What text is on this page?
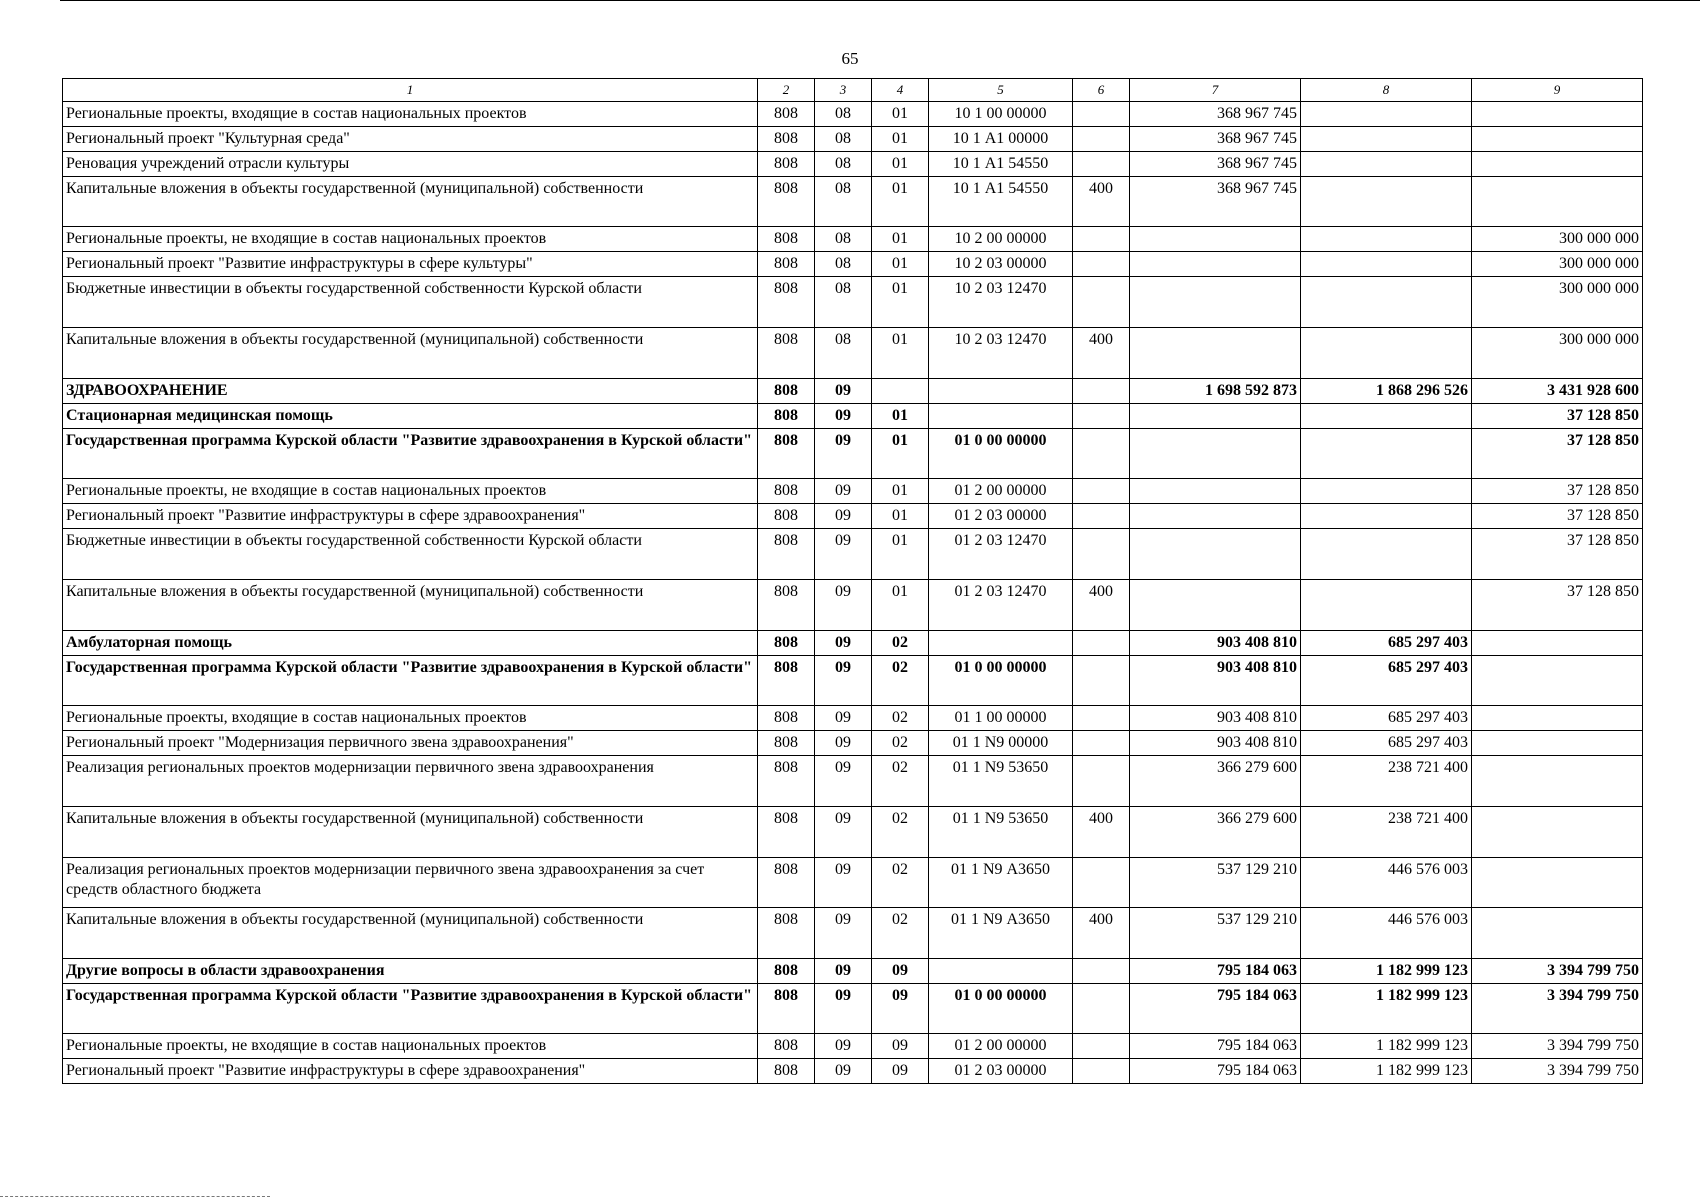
65
1	2	3	4	5	6	7	8	9
Региональные проекты, входящие в состав национальных проектов	808	08	01	10 1 00 00000		368 967 745		
Региональный проект "Культурная среда"	808	08	01	10 1 А1 00000		368 967 745		
Реновация учреждений отрасли культуры	808	08	01	10 1 А1 54550		368 967 745		
Капитальные вложения в объекты государственной (муниципальной) собственности	808	08	01	10 1 А1 54550	400	368 967 745		
Региональные проекты, не входящие в состав национальных проектов	808	08	01	10 2 00 00000				300 000 000
Региональный проект "Развитие инфраструктуры в сфере культуры"	808	08	01	10 2 03 00000				300 000 000
Бюджетные инвестиции в объекты государственной собственности Курской области	808	08	01	10 2 03 12470				300 000 000
Капитальные вложения в объекты государственной (муниципальной) собственности	808	08	01	10 2 03 12470	400			300 000 000
ЗДРАВООХРАНЕНИЕ	808	09				1 698 592 873	1 868 296 526	3 431 928 600
Стационарная медицинская помощь	808	09	01					37 128 850
Государственная программа Курской области "Развитие здравоохранения в Курской области"	808	09	01	01 0 00 00000				37 128 850
Региональные проекты, не входящие в состав национальных проектов	808	09	01	01 2 00 00000				37 128 850
Региональный проект "Развитие инфраструктуры в сфере здравоохранения"	808	09	01	01 2 03 00000				37 128 850
Бюджетные инвестиции в объекты государственной собственности Курской области	808	09	01	01 2 03 12470				37 128 850
Капитальные вложения в объекты государственной (муниципальной) собственности	808	09	01	01 2 03 12470	400			37 128 850
Амбулаторная помощь	808	09	02			903 408 810	685 297 403	
Государственная программа Курской области "Развитие здравоохранения в Курской области"	808	09	02	01 0 00 00000		903 408 810	685 297 403	
Региональные проекты, входящие в состав национальных проектов	808	09	02	01 1 00 00000		903 408 810	685 297 403	
Региональный проект "Модернизация первичного звена здравоохранения"	808	09	02	01 1 N9 00000		903 408 810	685 297 403	
Реализация региональных проектов модернизации первичного звена здравоохранения	808	09	02	01 1 N9 53650		366 279 600	238 721 400	
Капитальные вложения в объекты государственной (муниципальной) собственности	808	09	02	01 1 N9 53650	400	366 279 600	238 721 400	
Реализация региональных проектов модернизации первичного звена здравоохранения за счет средств областного бюджета	808	09	02	01 1 N9 А3650		537 129 210	446 576 003	
Капитальные вложения в объекты государственной (муниципальной) собственности	808	09	02	01 1 N9 А3650	400	537 129 210	446 576 003	
Другие вопросы в области здравоохранения	808	09	09			795 184 063	1 182 999 123	3 394 799 750
Государственная программа Курской области "Развитие здравоохранения в Курской области"	808	09	09	01 0 00 00000		795 184 063	1 182 999 123	3 394 799 750
Региональные проекты, не входящие в состав национальных проектов	808	09	09	01 2 00 00000		795 184 063	1 182 999 123	3 394 799 750
Региональный проект "Развитие инфраструктуры в сфере здравоохранения"	808	09	09	01 2 03 00000		795 184 063	1 182 999 123	3 394 799 750
